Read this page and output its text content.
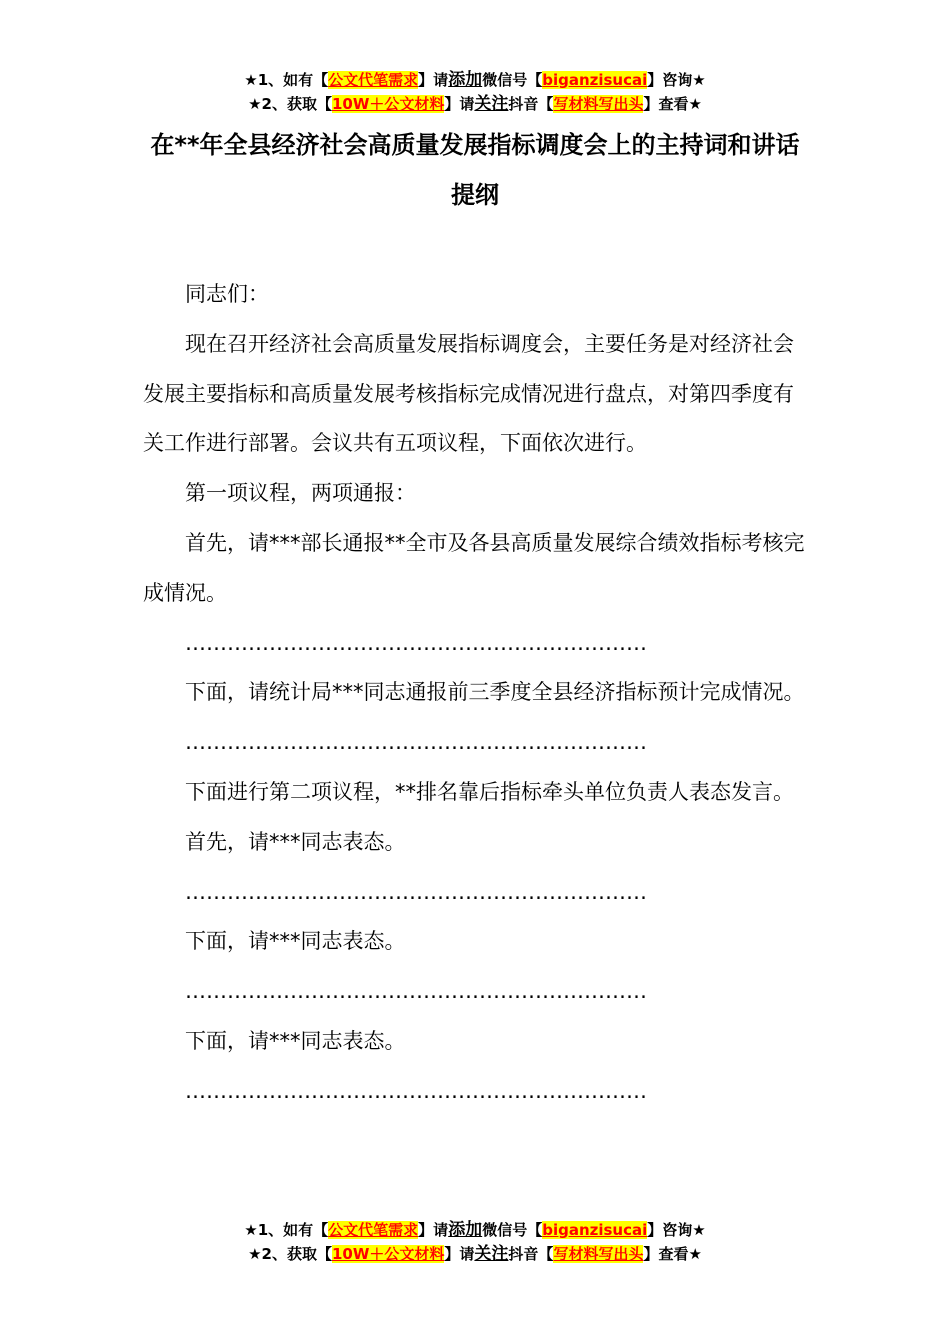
★1、如有【公文代笔需求】请添加微信号【biganzisucai】咨询★
★2、获取【10W＋公文材料】请关注抖音【写材料写出头】查看★
在**年全县经济社会高质量发展指标调度会上的主持词和讲话提纲

同志们：

现在召开经济社会高质量发展指标调度会，主要任务是对经济社会发展主要指标和高质量发展考核指标完成情况进行盘点，对第四季度有关工作进行部署。会议共有五项议程，下面依次进行。

第一项议程，两项通报：

首先，请***部长通报**全市及各县高质量发展综合绩效指标考核完成情况。

…………………………………………………………

下面，请统计局***同志通报前三季度全县经济指标预计完成情况。

…………………………………………………………

下面进行第二项议程，**排名靠后指标牵头单位负责人表态发言。

首先，请***同志表态。

…………………………………………………………

下面，请***同志表态。

…………………………………………………………

下面，请***同志表态。

…………………………………………………………

★1、如有【公文代笔需求】请添加微信号【biganzisucai】咨询★
★2、获取【10W＋公文材料】请关注抖音【写材料写出头】查看★
